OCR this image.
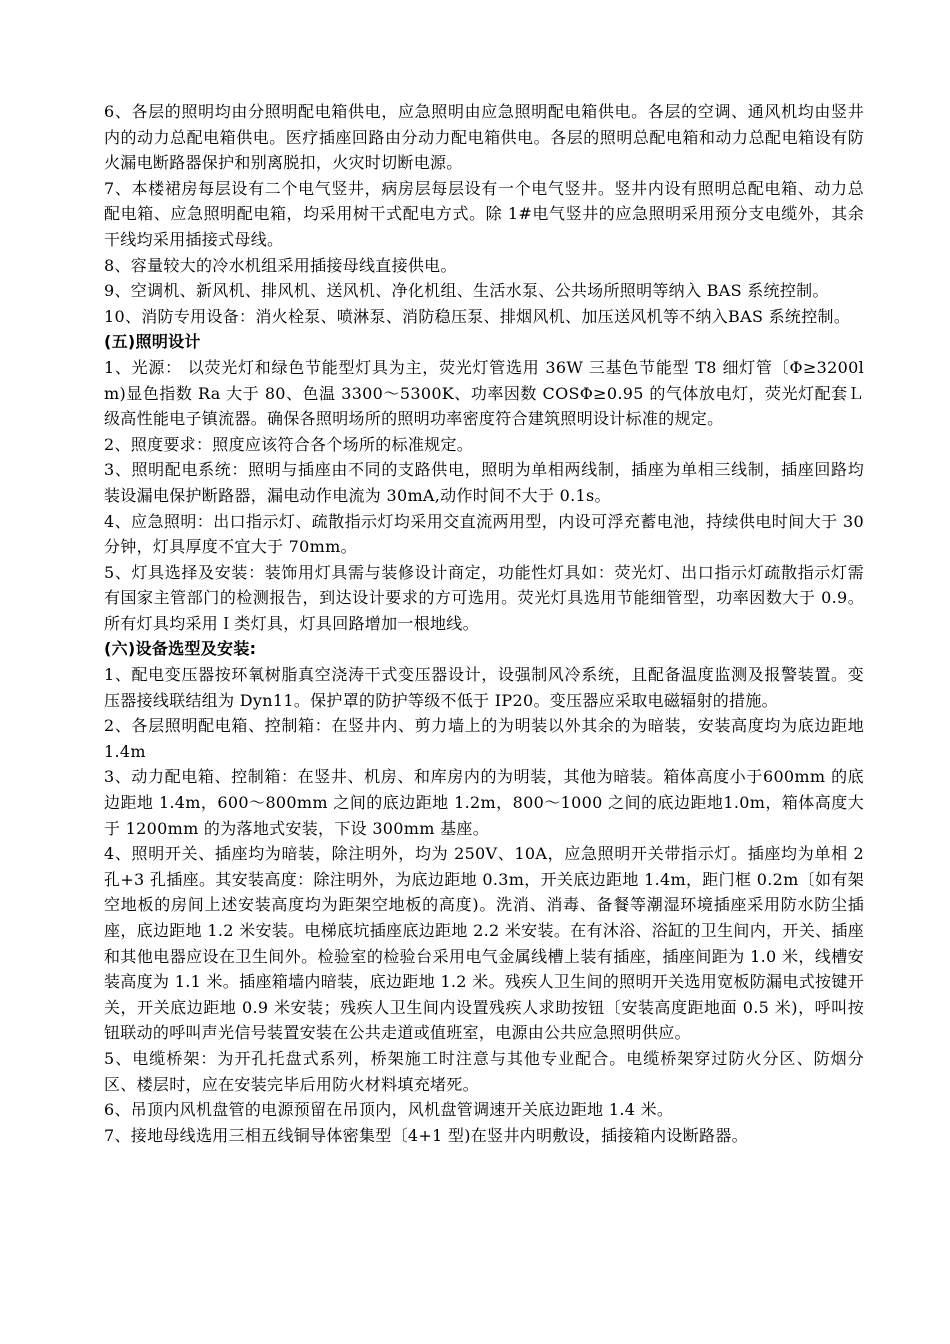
6、各层的照明均由分照明配电箱供电，应急照明由应急照明配电箱供电。各层的空调、通风机均由竖井内的动力总配电箱供电。医疗插座回路由分动力配电箱供电。各层的照明总配电箱和动力总配电箱设有防火漏电断路器保护和别离脱扣，火灾时切断电源。

7、本楼裙房每层设有二个电气竖井，病房层每层设有一个电气竖井。竖井内设有照明总配电箱、动力总配电箱、应急照明配电箱，均采用树干式配电方式。除 1#电气竖井的应急照明采用预分支电缆外，其余干线均采用插接式母线。

8、容量较大的冷水机组采用插接母线直接供电。

9、空调机、新风机、排风机、送风机、净化机组、生活水泵、公共场所照明等纳入 BAS 系统控制。

10、消防专用设备：消火栓泵、喷淋泵、消防稳压泵、排烟风机、加压送风机等不纳入BAS 系统控制。

(五)照明设计

1、光源： 以荧光灯和绿色节能型灯具为主，荧光灯管选用 36W 三基色节能型 T8 细灯管〔Φ≥3200lm)显色指数 Ra 大于 80、色温 3300～5300K、功率因数 COSΦ≥0.95 的气体放电灯，荧光灯配套Ｌ级高性能电子镇流器。确保各照明场所的照明功率密度符合建筑照明设计标准的规定。

2、照度要求：照度应该符合各个场所的标准规定。

3、照明配电系统：照明与插座由不同的支路供电，照明为单相两线制，插座为单相三线制，插座回路均装设漏电保护断路器，漏电动作电流为 30mA,动作时间不大于 0.1s。

4、应急照明：出口指示灯、疏散指示灯均采用交直流两用型，内设可浮充蓄电池，持续供电时间大于 30 分钟，灯具厚度不宜大于 70mm。

5、灯具选择及安装：装饰用灯具需与装修设计商定，功能性灯具如：荧光灯、出口指示灯疏散指示灯需有国家主管部门的检测报告，到达设计要求的方可选用。荧光灯具选用节能细管型，功率因数大于 0.9。所有灯具均采用Ｉ类灯具，灯具回路增加一根地线。

(六)设备选型及安装:

1、配电变压器按环氧树脂真空浇涛干式变压器设计，设强制风冷系统，且配备温度监测及报警装置。变压器接线联结组为 Dyn11。保护罩的防护等级不低于 IP20。变压器应采取电磁辐射的措施。

2、各层照明配电箱、控制箱：在竖井内、剪力墙上的为明装以外其余的为暗装，安装高度均为底边距地 1.4m

3、动力配电箱、控制箱：在竖井、机房、和库房内的为明装，其他为暗装。箱体高度小于600mm 的底边距地 1.4m，600～800mm 之间的底边距地 1.2m，800～1000 之间的底边距地1.0m，箱体高度大于 1200mm 的为落地式安装，下设 300mm 基座。

4、照明开关、插座均为暗装，除注明外，均为 250V、10A，应急照明开关带指示灯。插座均为单相 2 孔+3 孔插座。其安装高度：除注明外，为底边距地 0.3m，开关底边距地 1.4m，距门框 0.2m〔如有架空地板的房间上述安装高度均为距架空地板的高度)。洗消、消毒、备餐等潮湿环境插座采用防水防尘插座，底边距地 1.2 米安装。电梯底坑插座底边距地 2.2 米安装。在有沐浴、浴缸的卫生间内，开关、插座和其他电器应设在卫生间外。检验室的检验台采用电气金属线槽上装有插座，插座间距为 1.0 米，线槽安装高度为 1.1 米。插座箱墙内暗装，底边距地 1.2 米。残疾人卫生间的照明开关选用宽板防漏电式按键开关，开关底边距地 0.9 米安装；残疾人卫生间内设置残疾人求助按钮〔安装高度距地面 0.5 米)，呼叫按钮联动的呼叫声光信号装置安装在公共走道或值班室，电源由公共应急照明供应。

5、电缆桥架：为开孔托盘式系列，桥架施工时注意与其他专业配合。电缆桥架穿过防火分区、防烟分区、楼层时，应在安装完毕后用防火材料填充堵死。

6、吊顶内风机盘管的电源预留在吊顶内，风机盘管调速开关底边距地 1.4 米。

7、接地母线选用三相五线铜导体密集型〔4+1 型)在竖井内明敷设，插接箱内设断路器。
